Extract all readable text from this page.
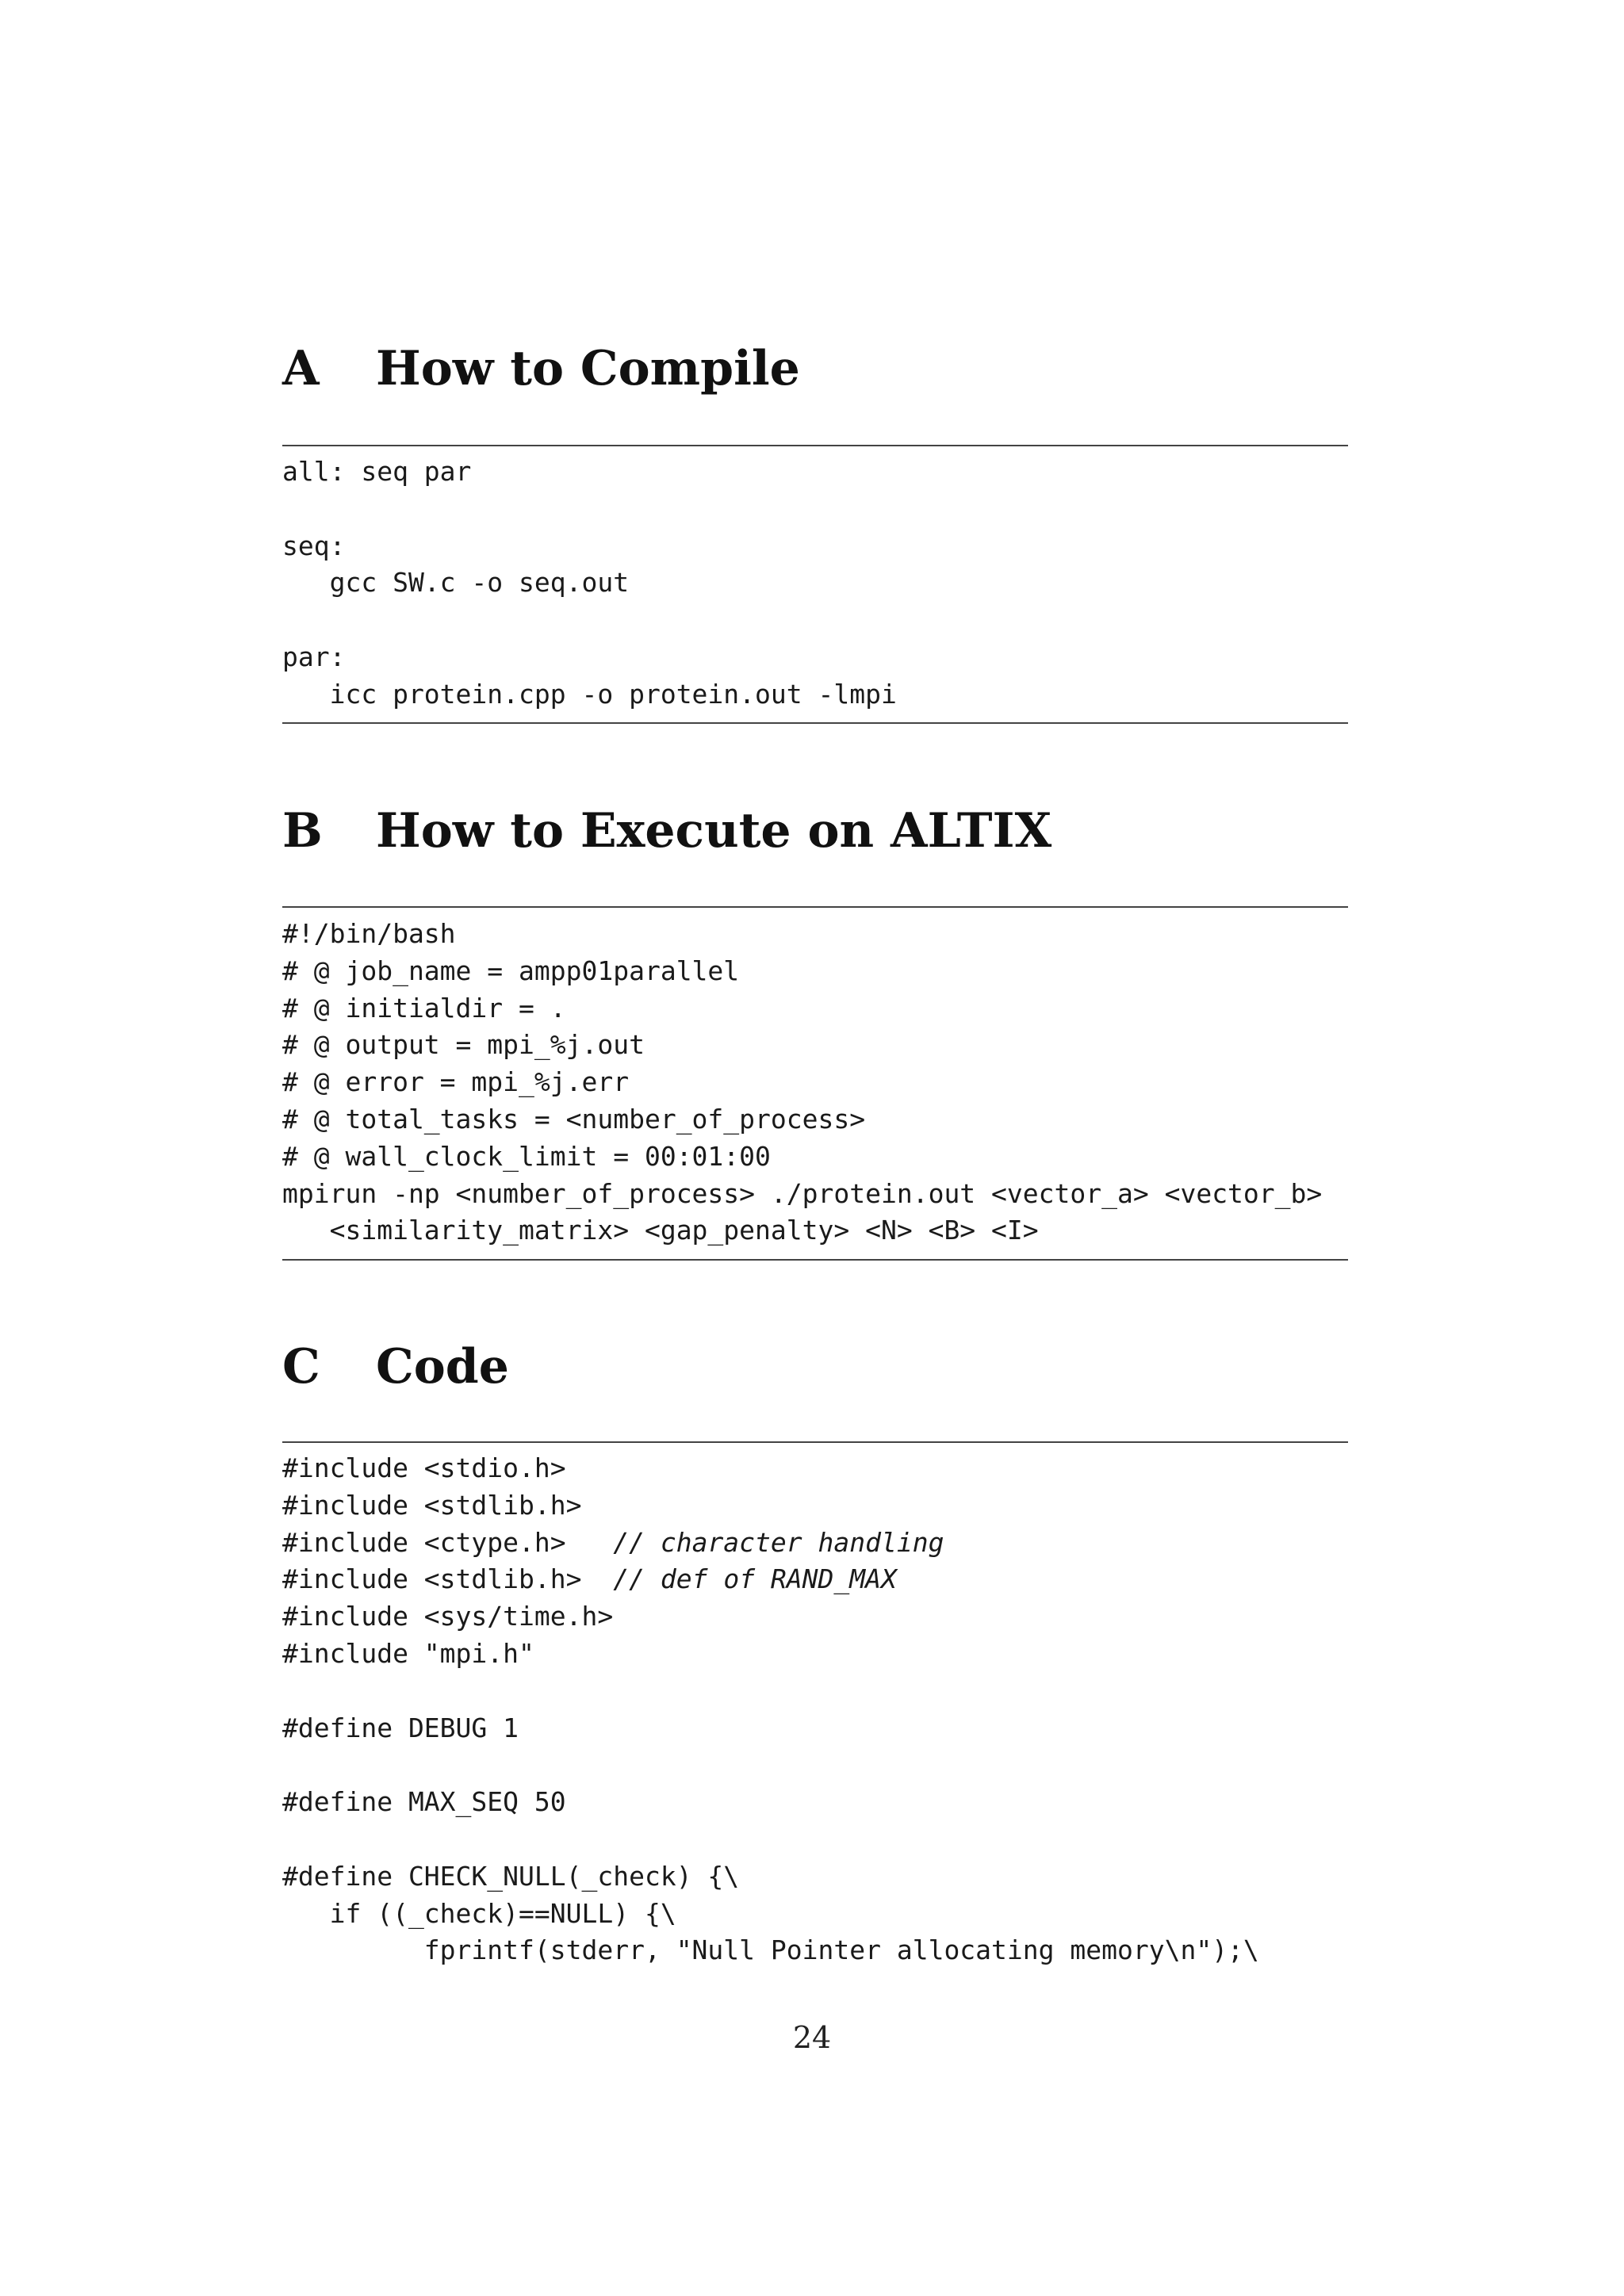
A	How to Compile
all: seq par
seq:
gcc SW.c -o seq.out
par:
icc protein.cpp -o protein.out -lmpi
B	How to Execute on ALTIX
#!/bin/bash
# @ job_name = ampp01parallel
# @ initialdir = .
# @ output = mpi_%j.out
# @ error = mpi_%j.err
# @ total_tasks = <number_of_process>
# @ wall_clock_limit = 00:01:00
mpirun -np <number_of_process> ./protein.out <vector_a> <vector_b>
<similarity_matrix> <gap_penalty> <N> <B> <I>
C	Code
#include <stdio.h>
#include <stdlib.h>
#include <ctype.h> // character handling
#include <stdlib.h> // def of RAND_MAX
#include <sys/time.h>
#include "mpi.h"
#define DEBUG 1
#define MAX_SEQ 50
#define CHECK_NULL(_check) {\
if ((_check)==NULL) {\
fprintf(stderr, "Null Pointer allocating memory\n");\
24
